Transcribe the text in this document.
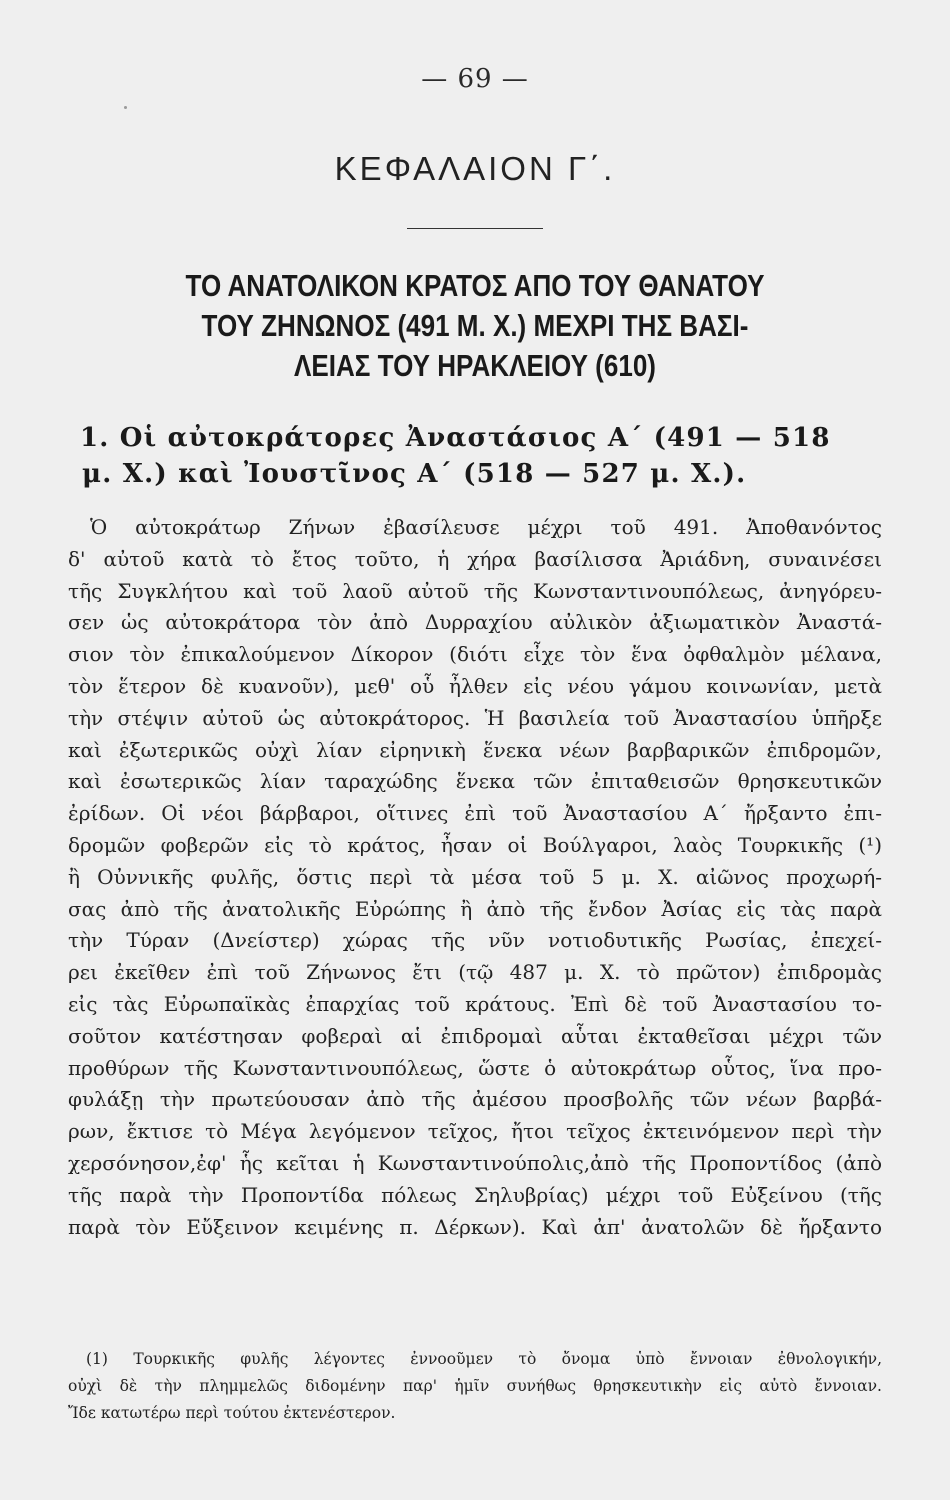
— 69 —
ΚΕΦΑΛΑΙΟΝ Γ΄.
ΤΟ ΑΝΑΤΟΛΙΚΟΝ ΚΡΑΤΟΣ ΑΠΟ ΤΟΥ ΘΑΝΑΤΟΥ
ΤΟΥ ΖΗΝΩΝΟΣ (491 Μ. Χ.) ΜΕΧΡΙ ΤΗΣ ΒΑΣΙ-
ΛΕΙΑΣ ΤΟΥ ΗΡΑΚΛΕΙΟΥ (610)
1. Οἱ αὐτοκράτορες Ἀναστάσιος Α΄ (491 — 518
μ. Χ.) καὶ Ἰουστῖνος Α΄ (518 — 527 μ. Χ.).
Ὁ αὐτοκράτωρ Ζήνων ἐβασίλευσε μέχρι τοῦ 491. Ἀποθανόντος
δ' αὐτοῦ κατὰ τὸ ἔτος τοῦτο, ἡ χήρα βασίλισσα Ἀριάδνη, συναινέσει
τῆς Συγκλήτου καὶ τοῦ λαοῦ αὐτοῦ τῆς Κωνσταντινουπόλεως, ἀνηγόρευ-
σεν ὡς αὐτοκράτορα τὸν ἀπὸ Δυρραχίου αὐλικὸν ἀξιωματικὸν Ἀναστά-
σιον τὸν ἐπικαλούμενον Δίκορον (διότι εἶχε τὸν ἕνα ὀφθαλμὸν μέλανα,
τὸν ἕτερον δὲ κυανοῦν), μεθ' οὗ ἦλθεν εἰς νέου γάμου κοινωνίαν, μετὰ
τὴν στέψιν αὐτοῦ ὡς αὐτοκράτορος. Ἡ βασιλεία τοῦ Ἀναστασίου ὑπῆρξε
καὶ ἐξωτερικῶς οὐχὶ λίαν εἰρηνικὴ ἕνεκα νέων βαρβαρικῶν ἐπιδρομῶν,
καὶ ἐσωτερικῶς λίαν ταραχώδης ἕνεκα τῶν ἐπιταθεισῶν θρησκευτικῶν
ἐρίδων. Οἱ νέοι βάρβαροι, οἵτινες ἐπὶ τοῦ Ἀναστασίου Α΄ ἤρξαντο ἐπι-
δρομῶν φοβερῶν εἰς τὸ κράτος, ἦσαν οἱ Βούλγαροι, λαὸς Τουρκικῆς (¹)
ἢ Οὐννικῆς φυλῆς, ὅστις περὶ τὰ μέσα τοῦ 5 μ. Χ. αἰῶνος προχωρή-
σας ἀπὸ τῆς ἀνατολικῆς Εὐρώπης ἢ ἀπὸ τῆς ἔνδον Ἀσίας εἰς τὰς παρὰ
τὴν Τύραν (Δνείστερ) χώρας τῆς νῦν νοτιοδυτικῆς Ρωσίας, ἐπεχεί-
ρει ἐκεῖθεν ἐπὶ τοῦ Ζήνωνος ἔτι (τῷ 487 μ. Χ. τὸ πρῶτον) ἐπιδρομὰς
εἰς τὰς Εὐρωπαϊκὰς ἐπαρχίας τοῦ κράτους. Ἐπὶ δὲ τοῦ Ἀναστασίου το-
σοῦτον κατέστησαν φοβεραὶ αἱ ἐπιδρομαὶ αὗται ἐκταθεῖσαι μέχρι τῶν
προθύρων τῆς Κωνσταντινουπόλεως, ὥστε ὁ αὐτοκράτωρ οὗτος, ἵνα προ-
φυλάξῃ τὴν πρωτεύουσαν ἀπὸ τῆς ἀμέσου προσβολῆς τῶν νέων βαρβά-
ρων, ἔκτισε τὸ Μέγα λεγόμενον τεῖχος, ἤτοι τεῖχος ἐκτεινόμενον περὶ τὴν
χερσόνησον,ἐφ' ἧς κεῖται ἡ Κωνσταντινούπολις,ἀπὸ τῆς Προποντίδος (ἀπὸ
τῆς παρὰ τὴν Προποντίδα πόλεως Σηλυβρίας) μέχρι τοῦ Εὐξείνου (τῆς
παρὰ τὸν Εὔξεινον κειμένης π. Δέρκων). Καὶ ἀπ' ἀνατολῶν δὲ ἤρξαντο
(1) Τουρκικῆς φυλῆς λέγοντες ἐννοοῦμεν τὸ ὄνομα ὑπὸ ἔννοιαν ἐθνολογικήν,
οὐχὶ δὲ τὴν πλημμελῶς διδομένην παρ' ἡμῖν συνήθως θρησκευτικὴν εἰς αὐτὸ ἔννοιαν.
Ἴδε κατωτέρω περὶ τούτου ἐκτενέστερον.
